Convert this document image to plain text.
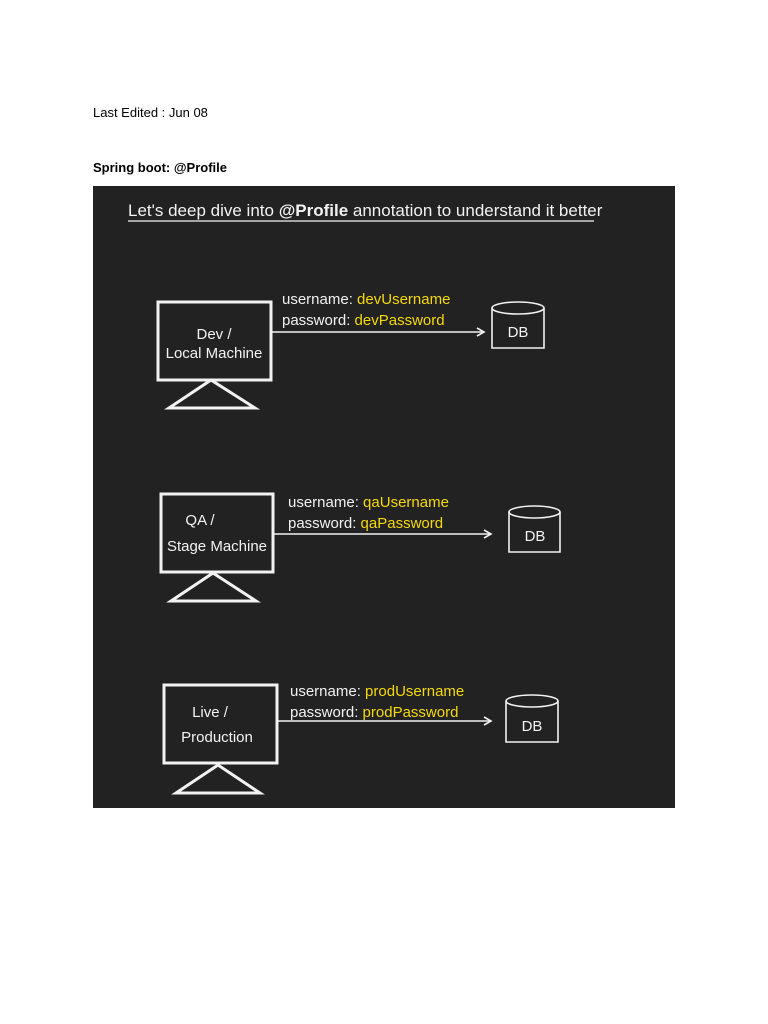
Last Edited : Jun 08
Spring boot: @Profile
Let's deep dive into @Profile annotation to understand it better
Dev /
Local Machine
username: devUsername
password: devPassword
DB
QA /
Stage Machine
username: qaUsername
password: qaPassword
DB
Live /
Production
username: prodUsername
password: prodPassword
DB
